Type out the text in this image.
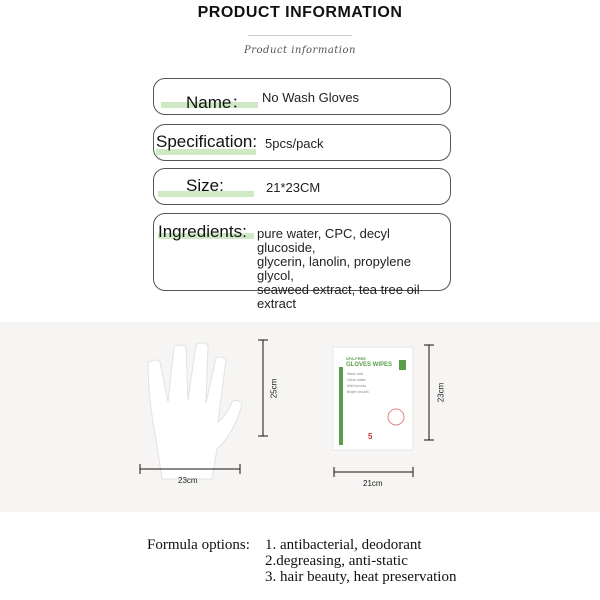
PRODUCT INFORMATION
Product information
Name： No Wash Gloves
Specification: 5pcs/pack
Size:	21*23CM
Ingredients: pure water, CPC, decyl glucoside,
glycerin, lanolin, propylene glycol,
seaweed extract, tea tree oil
extract
SPA-FREE
GLOVES WIPES
Wash acid
Clean water
Mild formula
Bright smooth
5
25cm
23cm
23cm
21cm
Formula options: 1. antibacterial, deodorant
2.degreasing, anti-static
3. hair beauty, heat preservation
